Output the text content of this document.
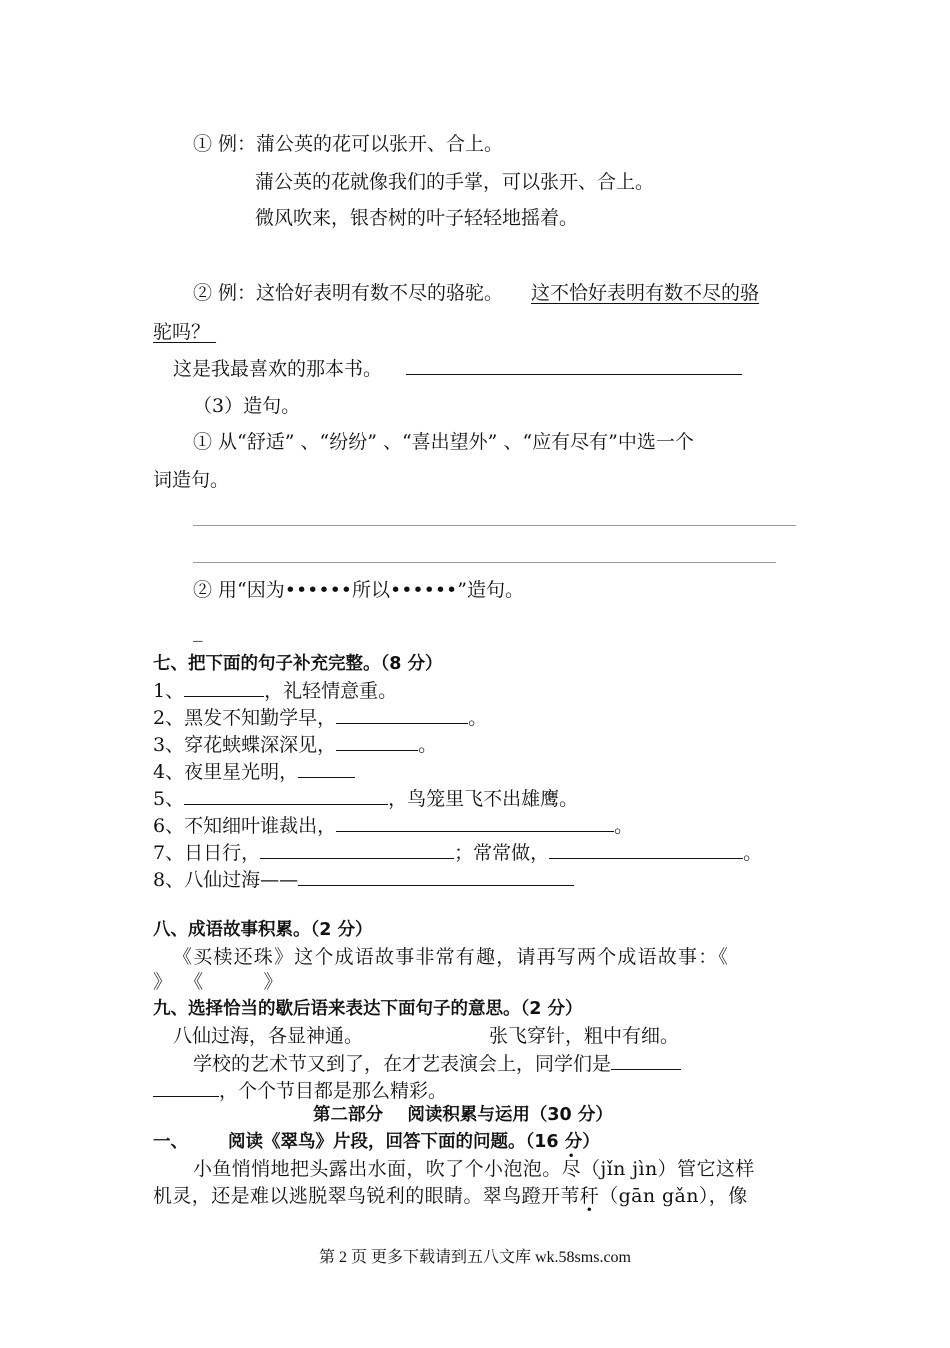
① 例：蒲公英的花可以张开、合上。
蒲公英的花就像我们的手掌，可以张开、合上。
微风吹来，银杏树的叶子轻轻地摇着。
② 例：这恰好表明有数不尽的骆驼。 这不恰好表明有数不尽的骆
驼吗？
这是我最喜欢的那本书。
（3）造句。
① 从“舒适” 、“纷纷” 、“喜出望外” 、“应有尽有”中选一个
词造句。
② 用“因为••••••所以••••••”造句。
_
七、把下面的句子补充完整。（8 分）
1、	，礼轻情意重。
2、黑发不知勤学早，	。
3、穿花蛱蝶深深见，	。
4、夜里星光明，
5、	，鸟笼里飞不出雄鹰。
6、不知细叶谁裁出，	。
7、日日行，	；常常做，	。
8、八仙过海——
八、成语故事积累。（2 分）
《买椟还珠》这个成语故事非常有趣，请再写两个成语故事：《
》  《          》
九、选择恰当的歇后语来表达下面句子的意思。（2 分）
八仙过海，各显神通。	张飞穿针，粗中有细。
学校的艺术节又到了，在才艺表演会上，同学们是
，个个节目都是那么精彩。
第二部分    阅读积累与运用（30 分）
一、 阅读《翠鸟》片段，回答下面的问题。（16 分）
小鱼悄悄地把头露出水面，吹了个小泡泡。尽（jǐn jìn）管它这样
机灵，还是难以逃脱翠鸟锐利的眼睛。翠鸟蹬开苇秆（gān gǎn），像
第 2 页 更多下载请到五八文库 wk.58sms.com
